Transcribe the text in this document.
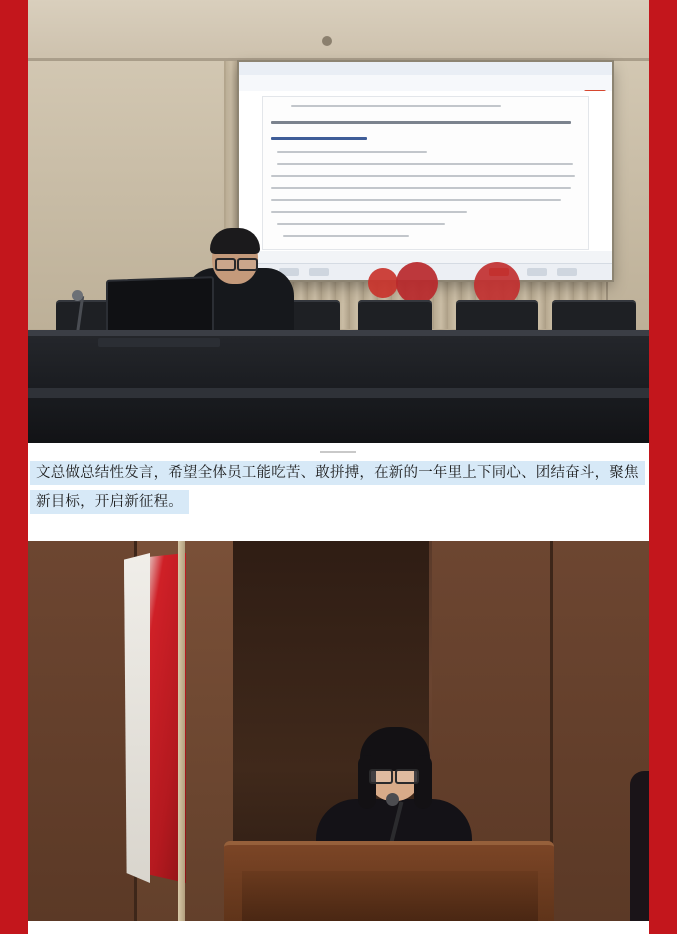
文总做总结性发言，希望全体员工能吃苦、敢拼搏，在新的一年里上下同心、团结奋斗，聚焦新目标，开启新征程。
